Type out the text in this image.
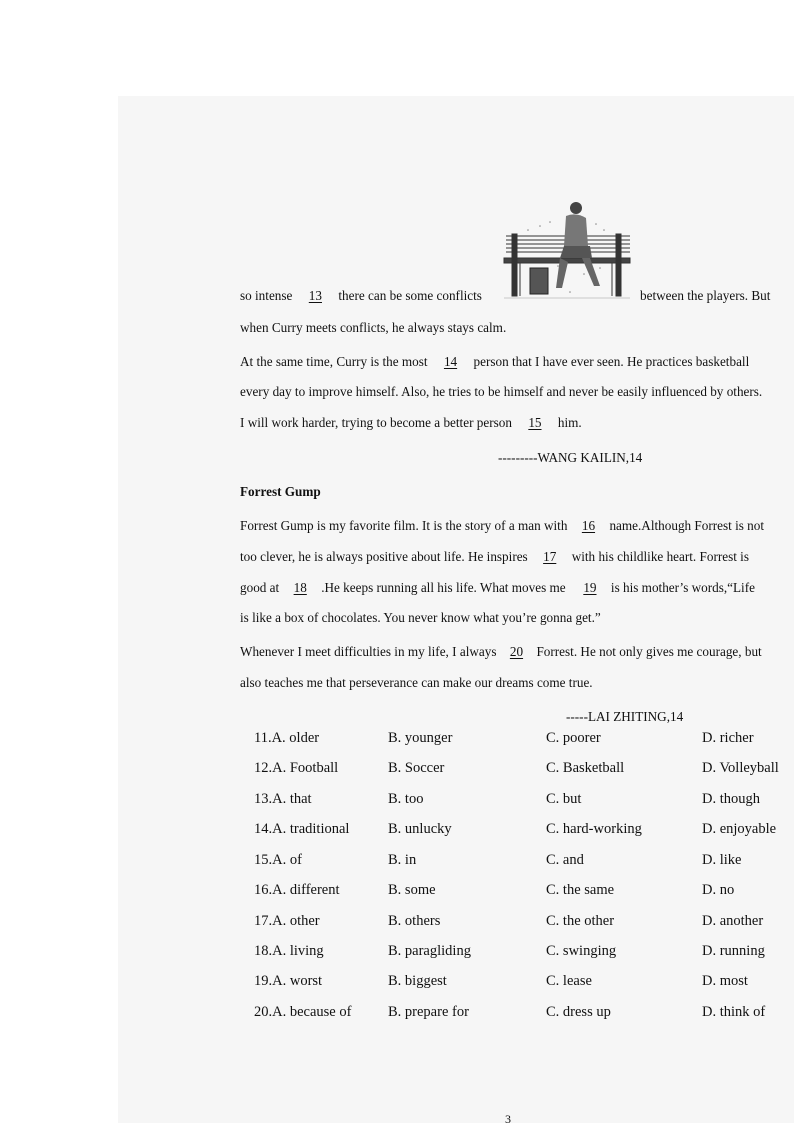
so intense 13 there can be some conflicts	between the players. But
when Curry meets conflicts, he always stays calm.
At the same time, Curry is the most 14 person that I have ever seen. He practices basketball
every day to improve himself. Also, he tries to be himself and never be easily influenced by others.
I will work harder, trying to become a better person 15 him.
---------WANG KAILIN,14
Forrest Gump
Forrest Gump is my favorite film. It is the story of a man with 16 name.Although Forrest is not
too clever, he is always positive about life. He inspires 17 with his childlike heart. Forrest is
good at 18 .He keeps running all his life. What moves me 19 is his mother’s words,“Life
is like a box of chocolates. You never know what you’re gonna get.”
Whenever I meet difficulties in my life, I always 20 Forrest. He not only gives me courage, but
also teaches me that perseverance can make our dreams come true.
-----LAI ZHITING,14
11.A. older	B. younger	C. poorer	D. richer
12.A. Football	B. Soccer	C. Basketball	D. Volleyball
13.A. that	B. too	C. but	D. though
14.A. traditional	B. unlucky	C. hard-working	D. enjoyable
15.A. of	B. in	C. and	D. like
16.A. different	B. some	C. the same	D. no
17.A. other	B. others	C. the other	D. another
18.A. living	B. paragliding	C. swinging	D. running
19.A. worst	B. biggest	C. lease	D. most
20.A. because of	B. prepare for	C. dress up	D. think of
3
